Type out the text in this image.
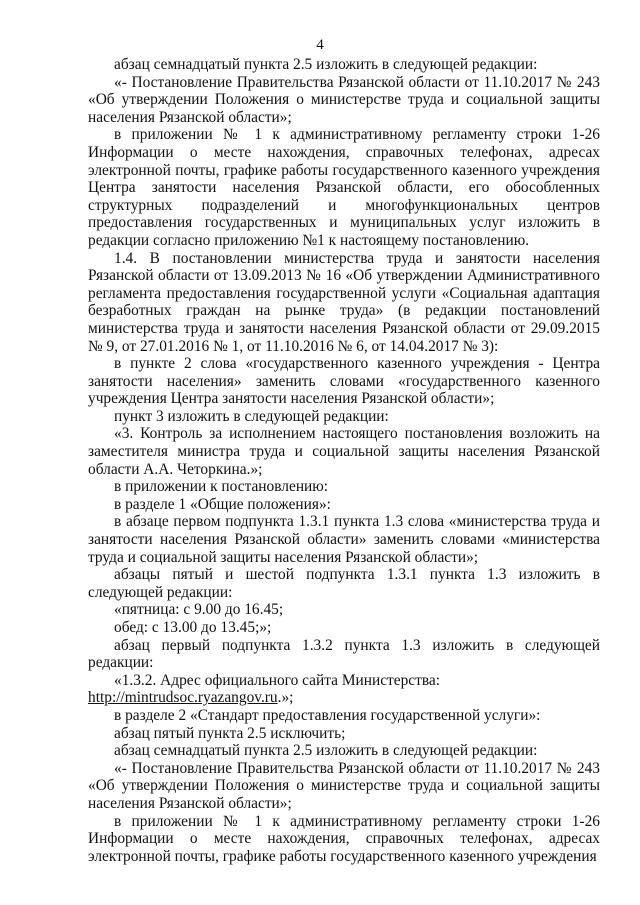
4

абзац семнадцатый пункта 2.5 изложить в следующей редакции:

«- Постановление Правительства Рязанской области от 11.10.2017 № 243 «Об утверждении Положения о министерстве труда и социальной защиты населения Рязанской области»;

в приложении № 1 к административному регламенту строки 1-26 Информации о месте нахождения, справочных телефонах, адресах электронной почты, графике работы государственного казенного учреждения Центра занятости населения Рязанской области, его обособленных структурных подразделений и многофункциональных центров предоставления государственных и муниципальных услуг изложить в редакции согласно приложению №1 к настоящему постановлению.

1.4. В постановлении министерства труда и занятости населения Рязанской области от 13.09.2013 № 16 «Об утверждении Административного регламента предоставления государственной услуги «Социальная адаптация безработных граждан на рынке труда» (в редакции постановлений министерства труда и занятости населения Рязанской области от 29.09.2015 № 9, от 27.01.2016 № 1, от 11.10.2016 № 6, от 14.04.2017 № 3):

в пункте 2 слова «государственного казенного учреждения - Центра занятости населения» заменить словами «государственного казенного учреждения Центра занятости населения Рязанской области»;

пункт 3 изложить в следующей редакции:

«3. Контроль за исполнением настоящего постановления возложить на заместителя министра труда и социальной защиты населения Рязанской области А.А. Четоркина.»;

в приложении к постановлению:

в разделе 1 «Общие положения»:

в абзаце первом подпункта 1.3.1 пункта 1.3 слова «министерства труда и занятости населения Рязанской области» заменить словами «министерства труда и социальной защиты населения Рязанской области»;

абзацы пятый и шестой подпункта 1.3.1 пункта 1.3 изложить в следующей редакции:

«пятница: с 9.00 до 16.45;

обед: с 13.00 до 13.45;»;

абзац первый подпункта 1.3.2 пункта 1.3 изложить в следующей редакции:

«1.3.2. Адрес официального сайта Министерства:

http://mintrudsoc.ryazangov.ru.»;

в разделе 2 «Стандарт предоставления государственной услуги»:

абзац пятый пункта 2.5 исключить;

абзац семнадцатый пункта 2.5 изложить в следующей редакции:

«- Постановление Правительства Рязанской области от 11.10.2017 № 243 «Об утверждении Положения о министерстве труда и социальной защиты населения Рязанской области»;

в приложении № 1 к административному регламенту строки 1-26 Информации о месте нахождения, справочных телефонах, адресах электронной почты, графике работы государственного казенного учреждения
